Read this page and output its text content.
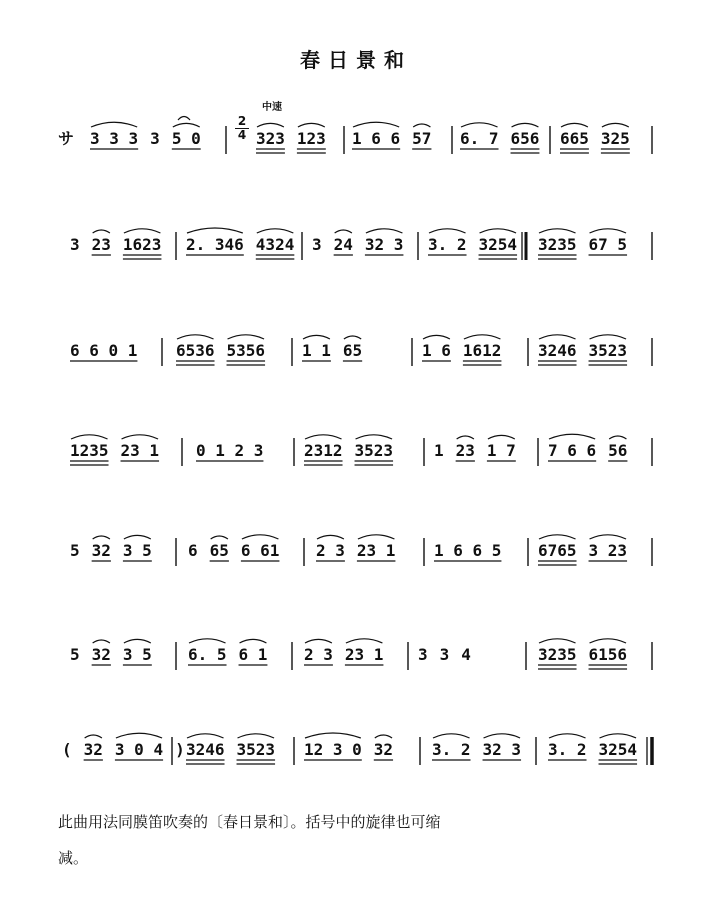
春日景和
サ
中速
2
4
3 3 3 3 5 0	323 123 1 6 6 57 6. 7 656 665 325
3 23 1623 2. 346 4324 3 24 32 3 3. 2 3254 3235 67 5
6 6 0 1 6536 5356 1 1 65	1 6 1612 3246 3523
1235 23 1 0 1 2 3	2312 3523	1 23 1 7 7 6 6 56
5 32 3 5 6 65 6 61 2 3 23 1 1 6 6 5 6765 3 23
5 32 3 5 6. 5 6 1 2 3 23 1 3 3 4	3235 6156
( 32 3 0 4 ) 3246 3523 12 3 0 32 3. 2 32 3 3. 2 3254
此曲用法同膜笛吹奏的〔春日景和〕。括号中的旋律也可缩
减。
